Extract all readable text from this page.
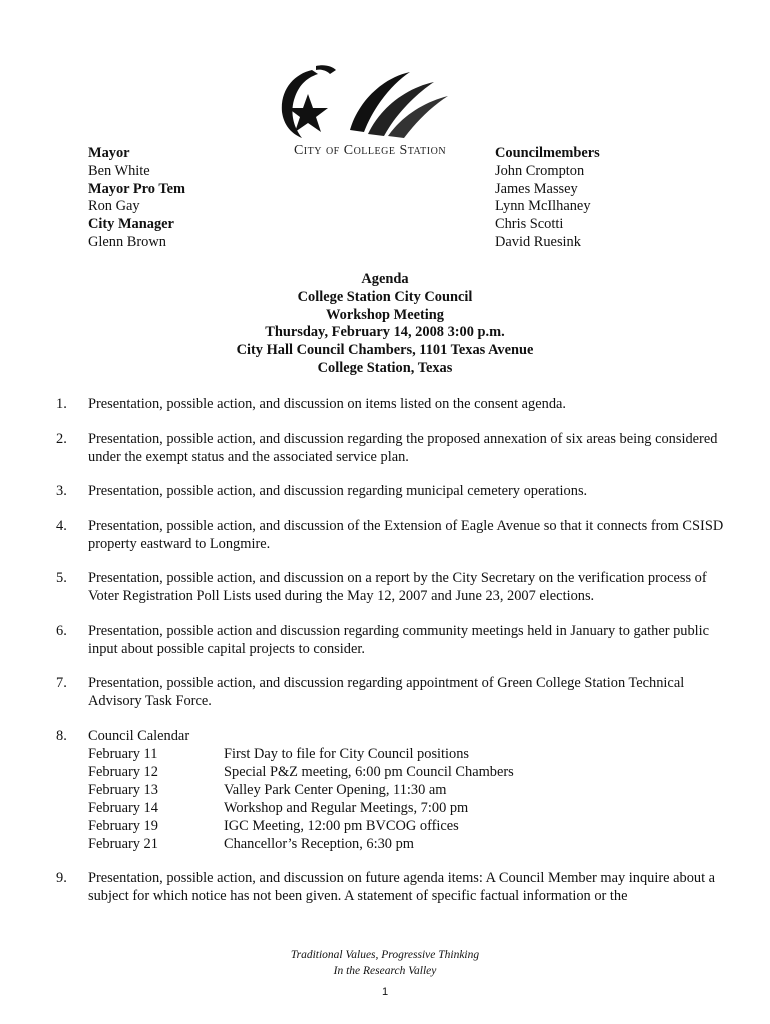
City of College Station
Mayor
Ben White
Mayor Pro Tem
Ron Gay
City Manager
Glenn Brown
Councilmembers
John Crompton
James Massey
Lynn McIlhaney
Chris Scotti
David Ruesink
Agenda
College Station City Council
Workshop Meeting
Thursday, February 14, 2008 3:00 p.m.
City Hall Council Chambers, 1101 Texas Avenue
College Station, Texas
1.	Presentation, possible action, and discussion on items listed on the consent agenda.
2.	Presentation, possible action, and discussion regarding the proposed annexation of six areas being considered under the exempt status and the associated service plan.
3.	Presentation, possible action, and discussion regarding municipal cemetery operations.
4.	Presentation, possible action, and discussion of the Extension of Eagle Avenue so that it connects from CSISD property eastward to Longmire.
5.	Presentation, possible action, and discussion on a report by the City Secretary on the verification process of Voter Registration Poll Lists used during the May 12, 2007 and June 23, 2007 elections.
6.	Presentation, possible action and discussion regarding community meetings held in January to gather public input about possible capital projects to consider.
7.	Presentation, possible action, and discussion regarding appointment of Green College Station Technical Advisory Task Force.
8.	Council Calendar
February 11	First Day to file for City Council positions
February 12	Special P&Z meeting, 6:00 pm Council Chambers
February 13	Valley Park Center Opening, 11:30 am
February 14	Workshop and Regular Meetings, 7:00 pm
February 19	IGC Meeting, 12:00 pm BVCOG offices
February 21	Chancellor’s Reception, 6:30 pm
9.	Presentation, possible action, and discussion on future agenda items: A Council Member may inquire about a subject for which notice has not been given. A statement of specific factual information or the
Traditional Values, Progressive Thinking
In the Research Valley
1
